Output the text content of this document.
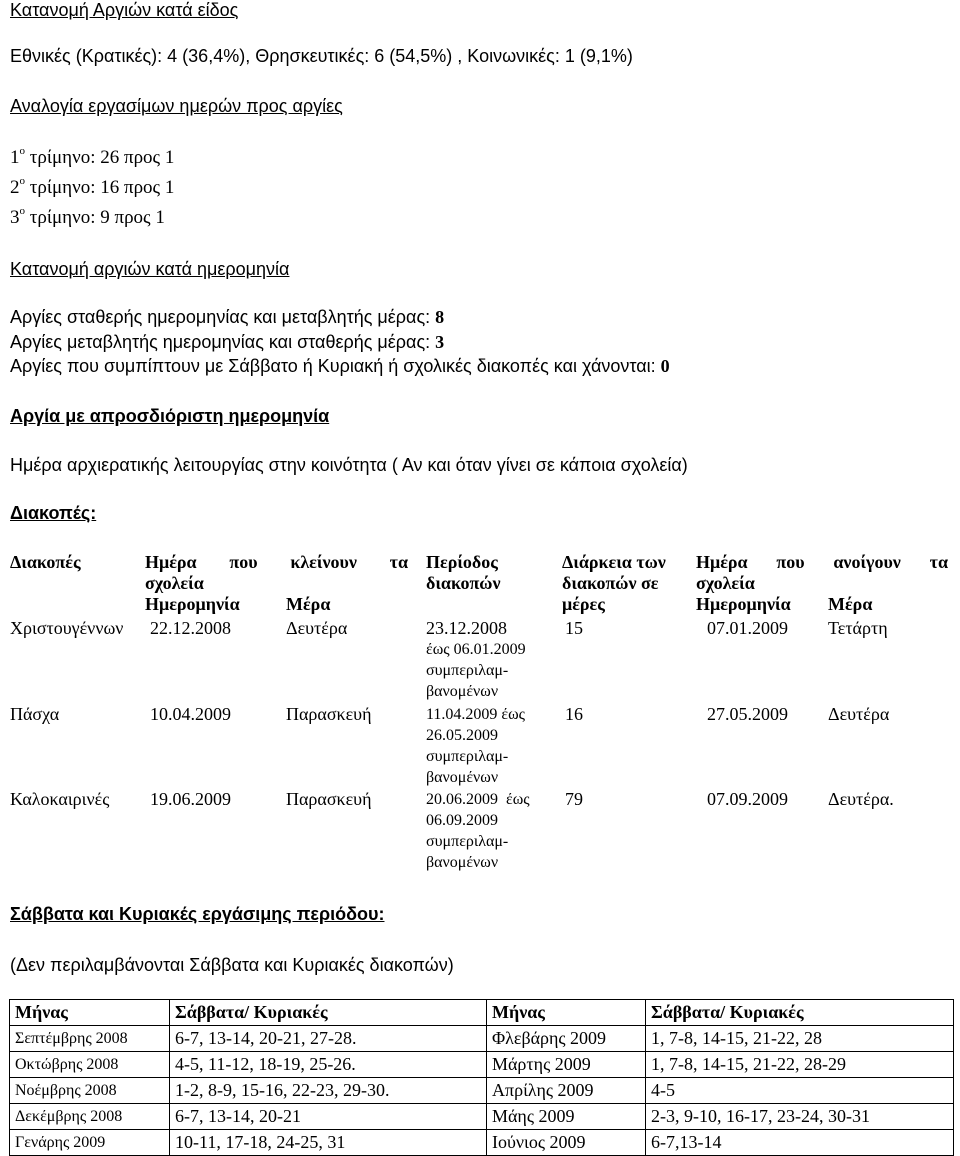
Κατανομή Αργιών κατά είδος
Εθνικές (Κρατικές): 4 (36,4%), Θρησκευτικές: 6 (54,5%) , Κοινωνικές: 1 (9,1%)
Αναλογία εργασίμων ημερών προς αργίες
$1^o$ τρίμηνο: 26 προς 1
$2^o$ τρίμηνο: 16 προς 1
$3^o$ τρίμηνο: 9 προς 1
Κατανομή αργιών κατά ημερομηνία
Αργίες σταθερής ημερομηνίας και μεταβλητής μέρας: 8
Αργίες μεταβλητής ημερομηνίας και σταθερής μέρας: 3
Αργίες που συμπίπτουν με Σάββατο ή Κυριακή ή σχολικές διακοπές και χάνονται: 0
Αργία με απροσδιόριστη ημερομηνία
Ημέρα αρχιερατικής λειτουργίας στην κοινότητα ( Αν και όταν γίνει σε κάποια σχολεία)
Διακοπές:
Διακοπές	Ημέρα που κλείνουν τα
σχολεία
Περίοδος
διακοπών
Διάρκεια των
διακοπών σε
μέρες
Ημέρα που ανοίγουν τα
σχολεία
Ημερομηνία	Μέρα	Ημερομηνία Μέρα
Χριστουγέννων 22.12.2008	Δευτέρα	23.12.2008
έως 06.01.2009
συμπεριλαμ-
βανομένων
15	07.01.2009 Τετάρτη
Πάσχα	10.04.2009	Παρασκευή	11.04.2009 έως
26.05.2009
συμπεριλαμ-
βανομένων
16	27.05.2009 Δευτέρα
Καλοκαιρινές 19.06.2009	Παρασκευή	20.06.2009  έως
06.09.2009
συμπεριλαμ-
βανομένων
79	07.09.2009 Δευτέρα.
Σάββατα και Κυριακές εργάσιμης περιόδου:
(Δεν περιλαμβάνονται Σάββατα και Κυριακές διακοπών)
Μήνας	Σάββατα/ Κυριακές	Μήνας	Σάββατα/ Κυριακές
Σεπτέμβρης 2008	6-7, 13-14, 20-21, 27-28.	Φλεβάρης 2009	1, 7-8, 14-15, 21-22, 28
Οκτώβρης 2008	4-5, 11-12, 18-19, 25-26.	Μάρτης 2009	1, 7-8, 14-15, 21-22, 28-29
Νοέμβρης 2008	1-2, 8-9, 15-16, 22-23, 29-30.	Απρίλης 2009	4-5
Δεκέμβρης 2008	6-7, 13-14, 20-21	Μάης 2009	2-3, 9-10, 16-17, 23-24, 30-31
Γενάρης 2009	10-11, 17-18, 24-25, 31	Ιούνιος 2009	6-7,13-14
